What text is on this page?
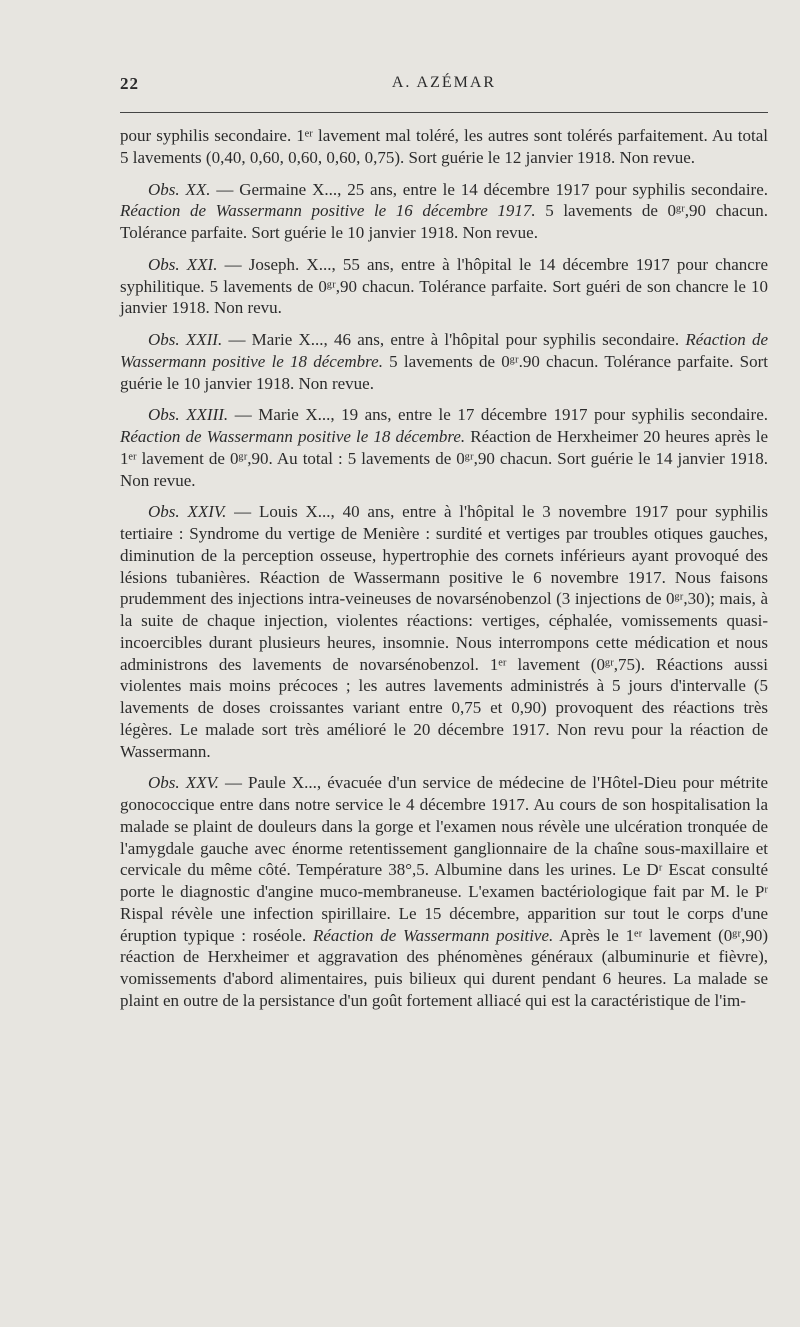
22	A. AZÉMAR

pour syphilis secondaire. 1ᵉʳ lavement mal toléré, les autres sont tolérés parfaitement. Au total 5 lavements (0,40, 0,60, 0,60, 0,60, 0,75). Sort guérie le 12 janvier 1918. Non revue.

Obs. XX. — Germaine X..., 25 ans, entre le 14 décembre 1917 pour syphilis secondaire. Réaction de Wassermann positive le 16 décembre 1917. 5 lavements de 0ᵍʳ,90 chacun. Tolérance parfaite. Sort guérie le 10 janvier 1918. Non revue.

Obs. XXI. — Joseph. X..., 55 ans, entre à l'hôpital le 14 décembre 1917 pour chancre syphilitique. 5 lavements de 0ᵍʳ,90 chacun. Tolérance parfaite. Sort guéri de son chancre le 10 janvier 1918. Non revu.

Obs. XXII. — Marie X..., 46 ans, entre à l'hôpital pour syphilis secondaire. Réaction de Wassermann positive le 18 décembre. 5 lavements de 0ᵍʳ.90 chacun. Tolérance parfaite. Sort guérie le 10 janvier 1918. Non revue.

Obs. XXIII. — Marie X..., 19 ans, entre le 17 décembre 1917 pour syphilis secondaire. Réaction de Wassermann positive le 18 décembre. Réaction de Herxheimer 20 heures après le 1ᵉʳ lavement de 0ᵍʳ,90. Au total : 5 lavements de 0ᵍʳ,90 chacun. Sort guérie le 14 janvier 1918. Non revue.

Obs. XXIV. — Louis X..., 40 ans, entre à l'hôpital le 3 novembre 1917 pour syphilis tertiaire : Syndrome du vertige de Menière : surdité et vertiges par troubles otiques gauches, diminution de la perception osseuse, hypertrophie des cornets inférieurs ayant provoqué des lésions tubanières. Réaction de Wassermann positive le 6 novembre 1917. Nous faisons prudemment des injections intra-veineuses de novarsénobenzol (3 injections de 0ᵍʳ,30); mais, à la suite de chaque injection, violentes réactions: vertiges, céphalée, vomissements quasi-incoercibles durant plusieurs heures, insomnie. Nous interrompons cette médication et nous administrons des lavements de novarsénobenzol. 1ᵉʳ lavement (0ᵍʳ,75). Réactions aussi violentes mais moins précoces ; les autres lavements administrés à 5 jours d'intervalle (5 lavements de doses croissantes variant entre 0,75 et 0,90) provoquent des réactions très légères. Le malade sort très amélioré le 20 décembre 1917. Non revu pour la réaction de Wassermann.

Obs. XXV. — Paule X..., évacuée d'un service de médecine de l'Hôtel-Dieu pour métrite gonococcique entre dans notre service le 4 décembre 1917. Au cours de son hospitalisation la malade se plaint de douleurs dans la gorge et l'examen nous révèle une ulcération tronquée de l'amygdale gauche avec énorme retentissement ganglionnaire de la chaîne sous-maxillaire et cervicale du même côté. Température 38°,5. Albumine dans les urines. Le Dʳ Escat consulté porte le diagnostic d'angine muco-membraneuse. L'examen bactériologique fait par M. le Pʳ Rispal révèle une infection spirillaire. Le 15 décembre, apparition sur tout le corps d'une éruption typique : roséole. Réaction de Wassermann positive. Après le 1ᵉʳ lavement (0ᵍʳ,90) réaction de Herxheimer et aggravation des phénomènes généraux (albuminurie et fièvre), vomissements d'abord alimentaires, puis bilieux qui durent pendant 6 heures. La malade se plaint en outre de la persistance d'un goût fortement alliacé qui est la caractéristique de l'im-
